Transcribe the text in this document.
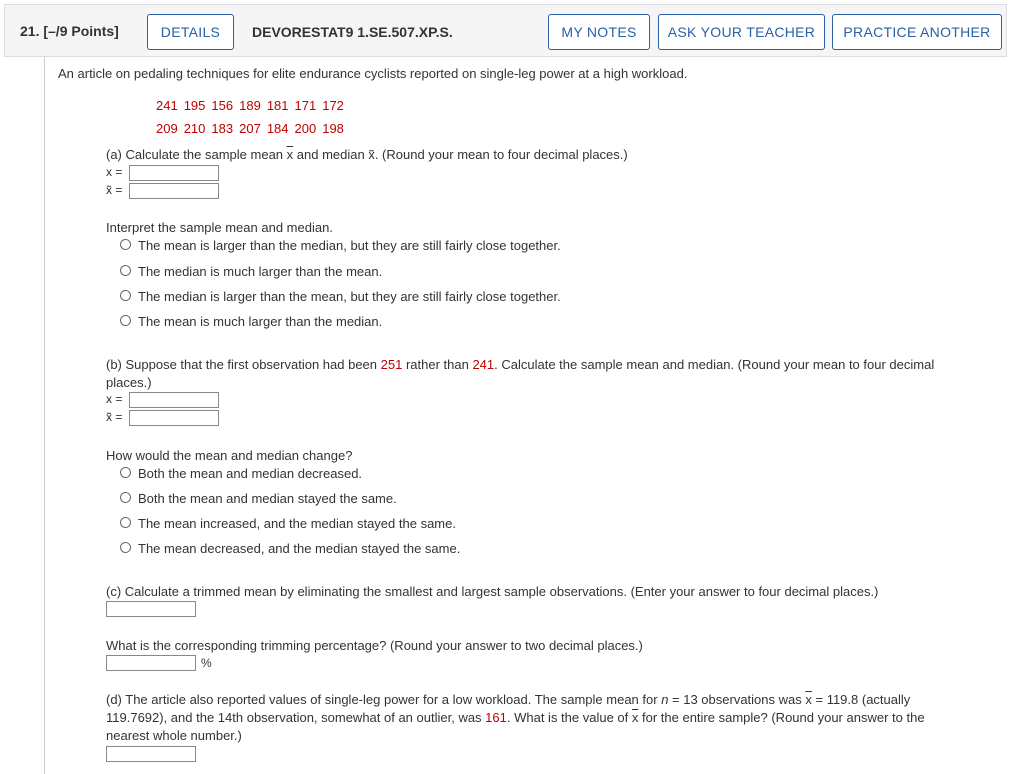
21. [–/9 Points]	DETAILS	DEVORESTAT9 1.SE.507.XP.S.	MY NOTES	ASK YOUR TEACHER	PRACTICE ANOTHER
An article on pedaling techniques for elite endurance cyclists reported on single-leg power at a high workload.
241 195 156 189 181 171 172
209 210 183 207 184 200 198
(a) Calculate the sample mean $\overline{x}$ and median x̃. (Round your mean to four decimal places.)
x =
x̃ =
Interpret the sample mean and median.
The mean is larger than the median, but they are still fairly close together.
The median is much larger than the mean.
The median is larger than the mean, but they are still fairly close together.
The mean is much larger than the median.
(b) Suppose that the first observation had been 251 rather than 241. Calculate the sample mean and median. (Round your mean to four decimal
places.)
x =
x̃ =
How would the mean and median change?
Both the mean and median decreased.
Both the mean and median stayed the same.
The mean increased, and the median stayed the same.
The mean decreased, and the median stayed the same.
(c) Calculate a trimmed mean by eliminating the smallest and largest sample observations. (Enter your answer to four decimal places.)
What is the corresponding trimming percentage? (Round your answer to two decimal places.)
%
(d) The article also reported values of single-leg power for a low workload. The sample mean for n = 13 observations was $\overline{x} = 119.8$ (actually
119.7692), and the 14th observation, somewhat of an outlier, was 161. What is the value of $\overline{x}$ for the entire sample? (Round your answer to the
nearest whole number.)
